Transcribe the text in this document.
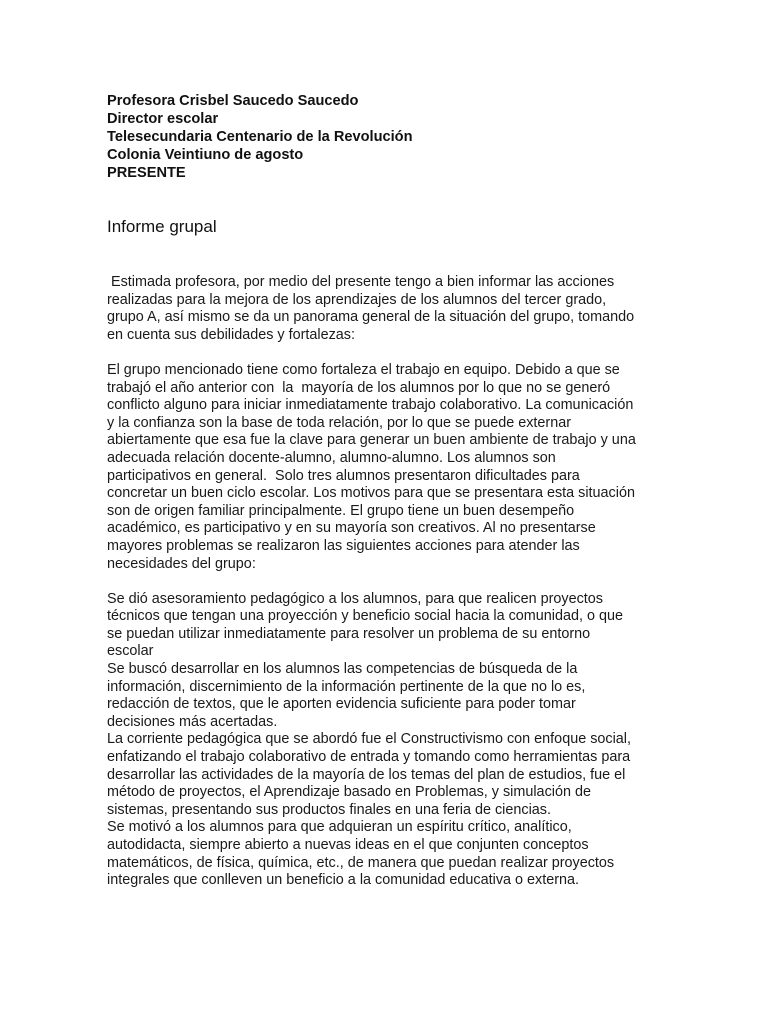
Profesora Crisbel Saucedo Saucedo
Director escolar
Telesecundaria Centenario de la Revolución
Colonia Veintiuno de agosto
PRESENTE
Informe grupal
Estimada profesora, por medio del presente tengo a bien informar las acciones
realizadas para la mejora de los aprendizajes de los alumnos del tercer grado,
grupo A, así mismo se da un panorama general de la situación del grupo, tomando
en cuenta sus debilidades y fortalezas:
El grupo mencionado tiene como fortaleza el trabajo en equipo. Debido a que se
trabajó el año anterior con  la  mayoría de los alumnos por lo que no se generó
conflicto alguno para iniciar inmediatamente trabajo colaborativo. La comunicación
y la confianza son la base de toda relación, por lo que se puede externar
abiertamente que esa fue la clave para generar un buen ambiente de trabajo y una
adecuada relación docente-alumno, alumno-alumno. Los alumnos son
participativos en general.  Solo tres alumnos presentaron dificultades para
concretar un buen ciclo escolar. Los motivos para que se presentara esta situación
son de origen familiar principalmente. El grupo tiene un buen desempeño
académico, es participativo y en su mayoría son creativos. Al no presentarse
mayores problemas se realizaron las siguientes acciones para atender las
necesidades del grupo:
Se dió asesoramiento pedagógico a los alumnos, para que realicen proyectos
técnicos que tengan una proyección y beneficio social hacia la comunidad, o que
se puedan utilizar inmediatamente para resolver un problema de su entorno
escolar
Se buscó desarrollar en los alumnos las competencias de búsqueda de la
información, discernimiento de la información pertinente de la que no lo es,
redacción de textos, que le aporten evidencia suficiente para poder tomar
decisiones más acertadas.
La corriente pedagógica que se abordó fue el Constructivismo con enfoque social,
enfatizando el trabajo colaborativo de entrada y tomando como herramientas para
desarrollar las actividades de la mayoría de los temas del plan de estudios, fue el
método de proyectos, el Aprendizaje basado en Problemas, y simulación de
sistemas, presentando sus productos finales en una feria de ciencias.
Se motivó a los alumnos para que adquieran un espíritu crítico, analítico,
autodidacta, siempre abierto a nuevas ideas en el que conjunten conceptos
matemáticos, de física, química, etc., de manera que puedan realizar proyectos
integrales que conlleven un beneficio a la comunidad educativa o externa.
